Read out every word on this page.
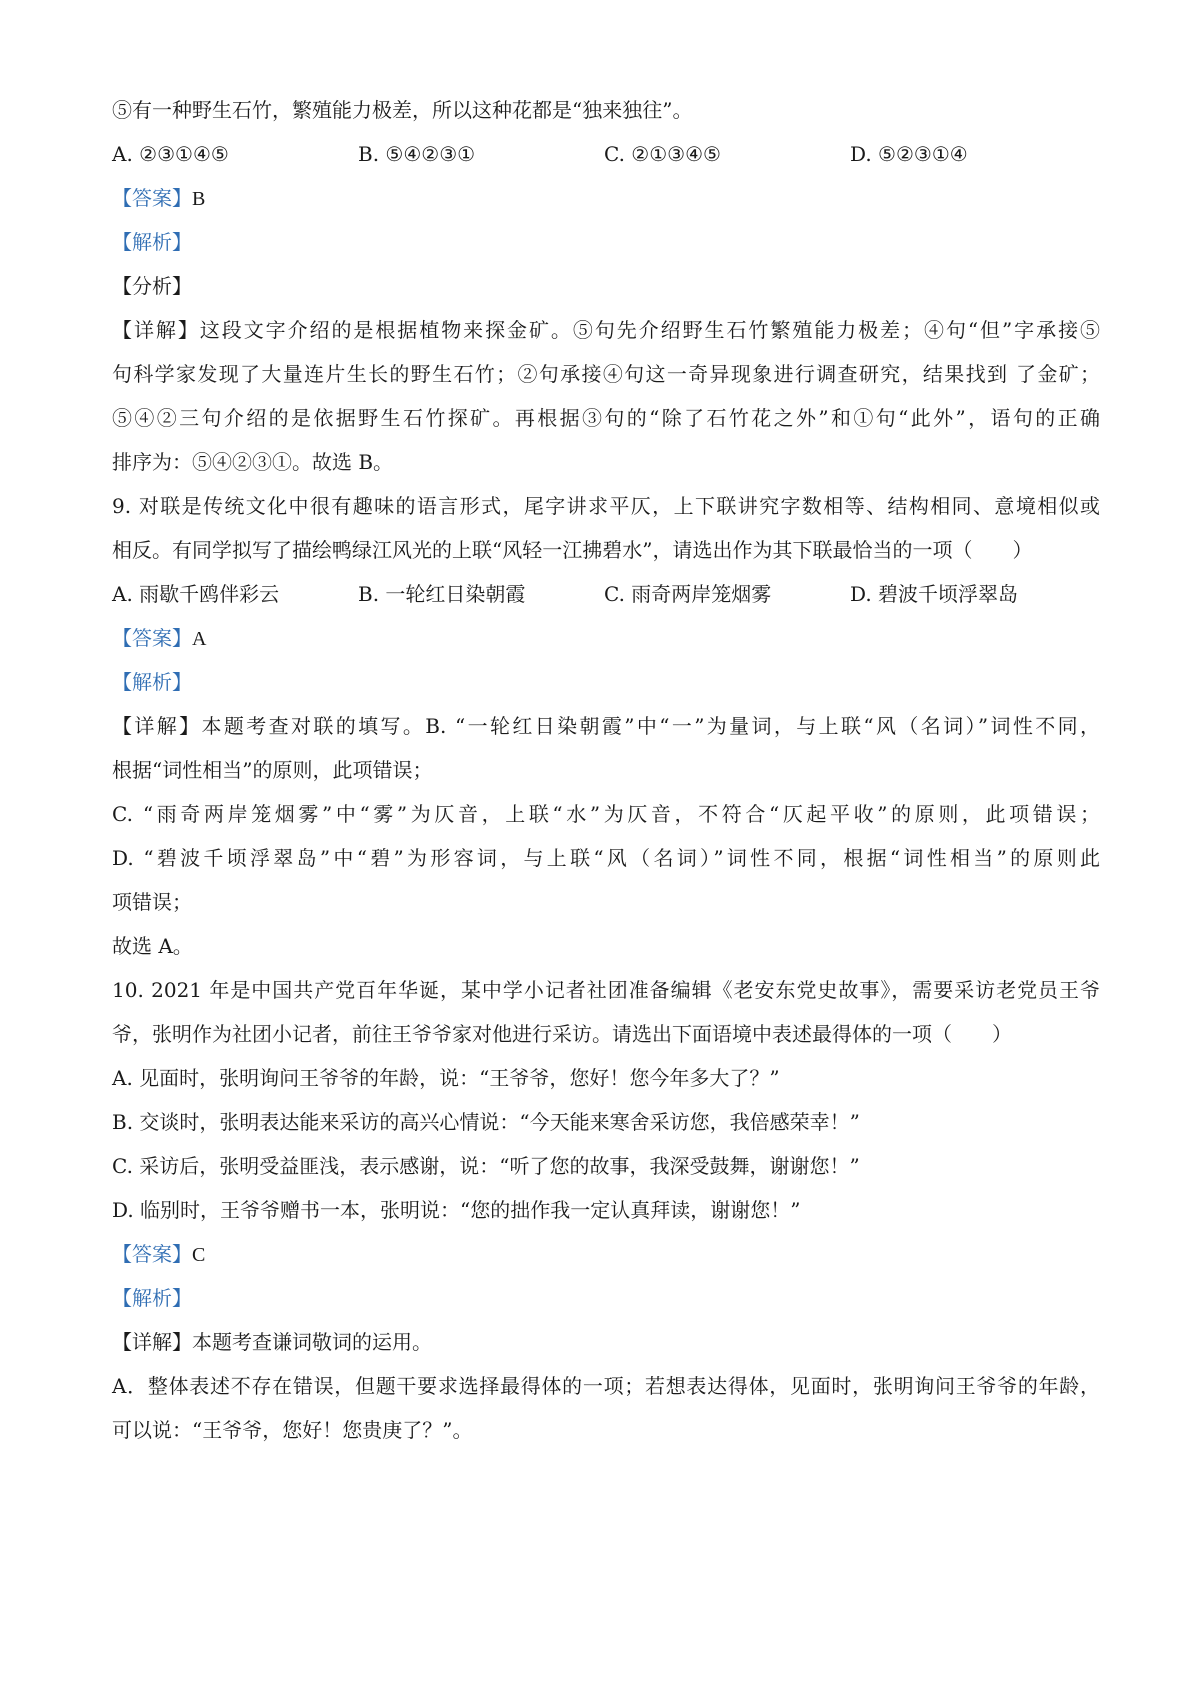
⑤有一种野生石竹，繁殖能力极差，所以这种花都是“独来独往”。
A. ②③①④⑤	B. ⑤④②③①	C. ②①③④⑤	D. ⑤②③①④
【答案】B
【解析】
【分析】
【详解】这段文字介绍的是根据植物来探金矿。⑤句先介绍野生石竹繁殖能力极差；④句“但”字承接⑤
句科学家发现了大量连片生长的野生石竹；②句承接④句这一奇异现象进行调查研究，结果找到 了金矿；
⑤④②三句介绍的是依据野生石竹探矿。再根据③句的“除了石竹花之外”和①句“此外”，语句的正确
排序为：⑤④②③①。故选 B。
9. 对联是传统文化中很有趣味的语言形式，尾字讲求平仄，上下联讲究字数相等、结构相同、意境相似或
相反。有同学拟写了描绘鸭绿江风光的上联“风轻一江拂碧水”，请选出作为其下联最恰当的一项（　　）
A. 雨歇千鸥伴彩云	B. 一轮红日染朝霞	C. 雨奇两岸笼烟雾	D. 碧波千顷浮翠岛
【答案】A
【解析】
【详解】本题考查对联的填写。B. “一轮红日染朝霞”中“一”为量词，与上联“风（名词）”词性不同，
根据“词性相当”的原则，此项错误；
C. “雨奇两岸笼烟雾”中“雾”为仄音，上联“水”为仄音，不符合“仄起平收”的原则，此项错误；
D. “碧波千顷浮翠岛”中“碧”为形容词，与上联“风（名词）”词性不同，根据“词性相当”的原则此
项错误；
故选 A。
10. 2021 年是中国共产党百年华诞，某中学小记者社团准备编辑《老安东党史故事》，需要采访老党员王爷
爷，张明作为社团小记者，前往王爷爷家对他进行采访。请选出下面语境中表述最得体的一项（　　）
A. 见面时，张明询问王爷爷的年龄，说：“王爷爷，您好！您今年多大了？”
B. 交谈时，张明表达能来采访的高兴心情说：“今天能来寒舍采访您，我倍感荣幸！”
C. 采访后，张明受益匪浅，表示感谢，说：“听了您的故事，我深受鼓舞，谢谢您！”
D. 临别时，王爷爷赠书一本，张明说：“您的拙作我一定认真拜读，谢谢您！”
【答案】C
【解析】
【详解】本题考查谦词敬词的运用。
A．整体表述不存在错误，但题干要求选择最得体的一项；若想表达得体，见面时，张明询问王爷爷的年龄，
可以说：“王爷爷，您好！您贵庚了？”。
